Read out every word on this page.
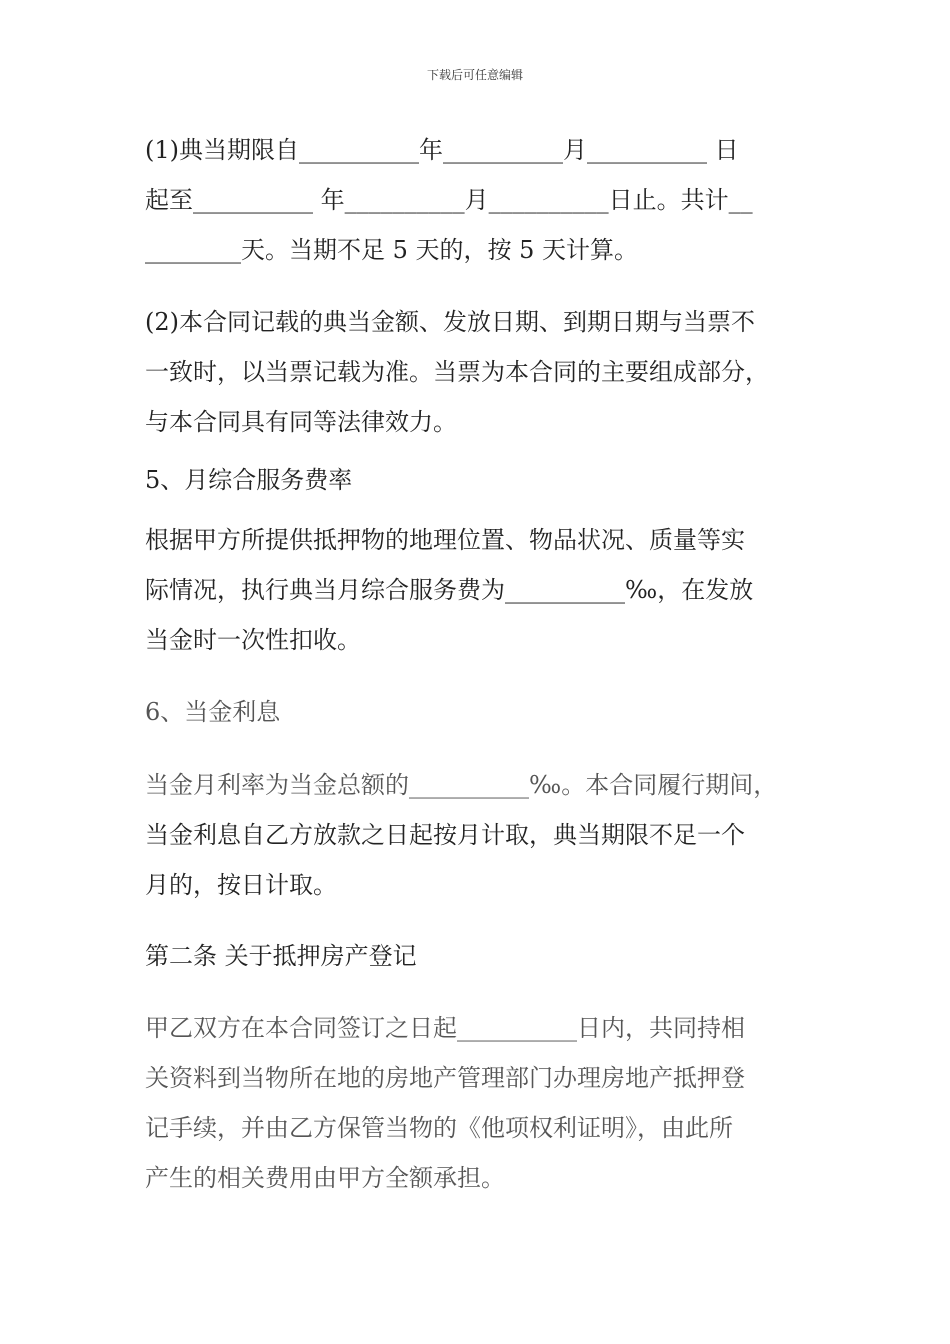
下载后可任意编辑
(1)典当期限自__________年__________月__________ 日
起至__________ 年__________月__________日止。共计__
________天。当期不足 5 天的，按 5 天计算。
(2)本合同记载的典当金额、发放日期、到期日期与当票不
一致时，以当票记载为准。当票为本合同的主要组成部分，
与本合同具有同等法律效力。
5、月综合服务费率
根据甲方所提供抵押物的地理位置、物品状况、质量等实
际情况，执行典当月综合服务费为__________‰，在发放
当金时一次性扣收。
6、当金利息
当金月利率为当金总额的__________‰。本合同履行期间，
当金利息自乙方放款之日起按月计取，典当期限不足一个
月的，按日计取。
第二条 关于抵押房产登记
甲乙双方在本合同签订之日起__________日内，共同持相
关资料到当物所在地的房地产管理部门办理房地产抵押登
记手续，并由乙方保管当物的《他项权利证明》，由此所
产生的相关费用由甲方全额承担。
